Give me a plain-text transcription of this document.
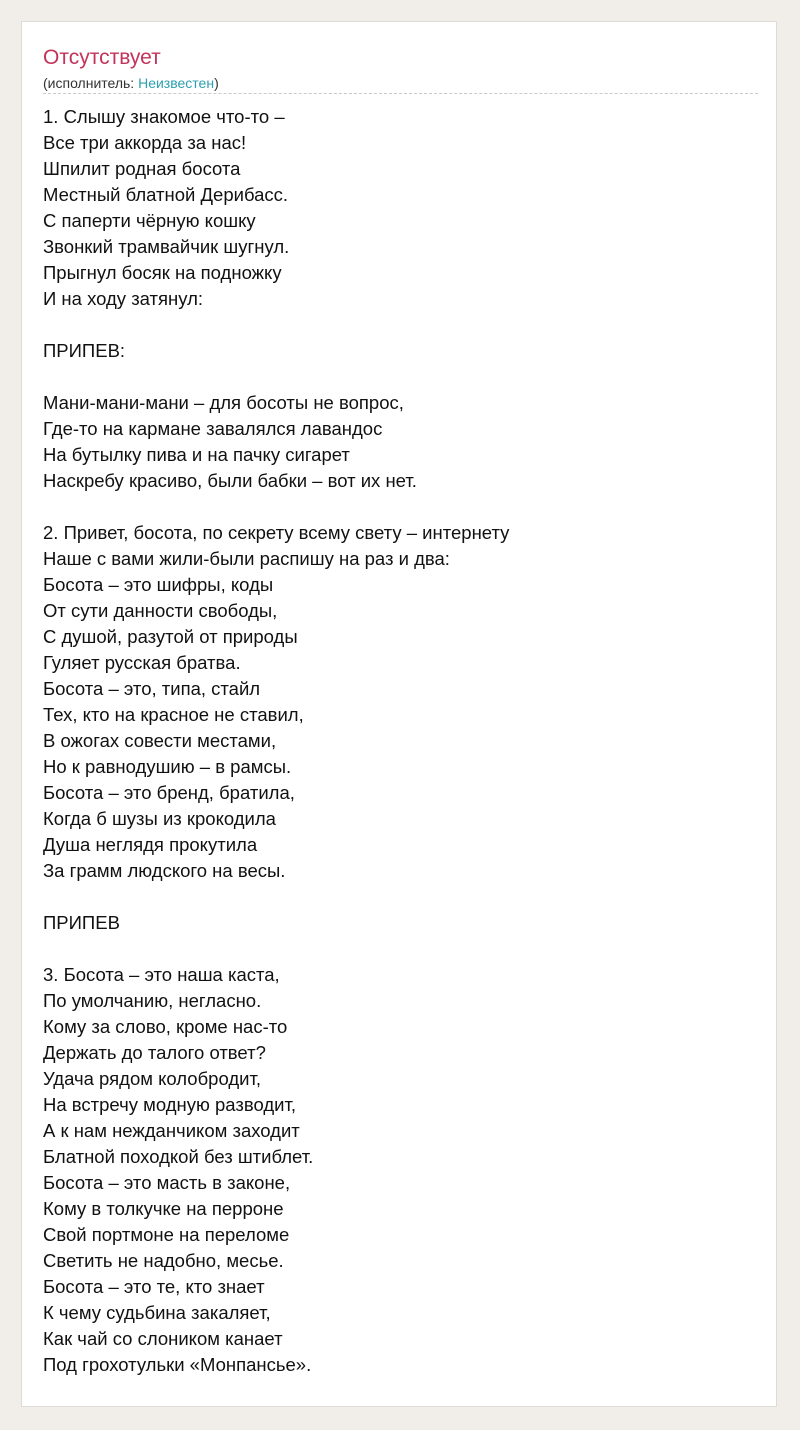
Отсутствует
(исполнитель: Неизвестен)
1. Слышу знакомое что-то –
Все три аккорда за нас!
Шпилит родная босота
Местный блатной Дерибасс.
С паперти чёрную кошку
Звонкий трамвайчик шугнул.
Прыгнул босяк на подножку
И на ходу затянул:

ПРИПЕВ:

Мани-мани-мани – для босоты не вопрос,
Где-то на кармане завалялся лавандос
На бутылку пива и на пачку сигарет
Наскребу красиво, были бабки – вот их нет.

2. Привет, босота, по секрету всему свету – интернету
Наше с вами жили-были распишу на раз и два:
Босота – это шифры, коды
От сути данности свободы,
С душой, разутой от природы
Гуляет русская братва.
Босота – это, типа, стайл
Тех, кто на красное не ставил,
В ожогах совести местами,
Но к равнодушию – в рамсы.
Босота – это бренд, братила,
Когда б шузы из крокодила
Душа неглядя прокутила
За грамм людского на весы.

ПРИПЕВ

3. Босота – это наша каста,
По умолчанию, негласно.
Кому за слово, кроме нас-то
Держать до талого ответ?
Удача рядом колобродит,
На встречу модную разводит,
А к нам нежданчиком заходит
Блатной походкой без штиблет.
Босота – это масть в законе,
Кому в толкучке на перроне
Свой портмоне на переломе
Светить не надобно, месье.
Босота – это те, кто знает
К чему судьбина закаляет,
Как чай со слоником канает
Под грохотульки «Монпансье».
